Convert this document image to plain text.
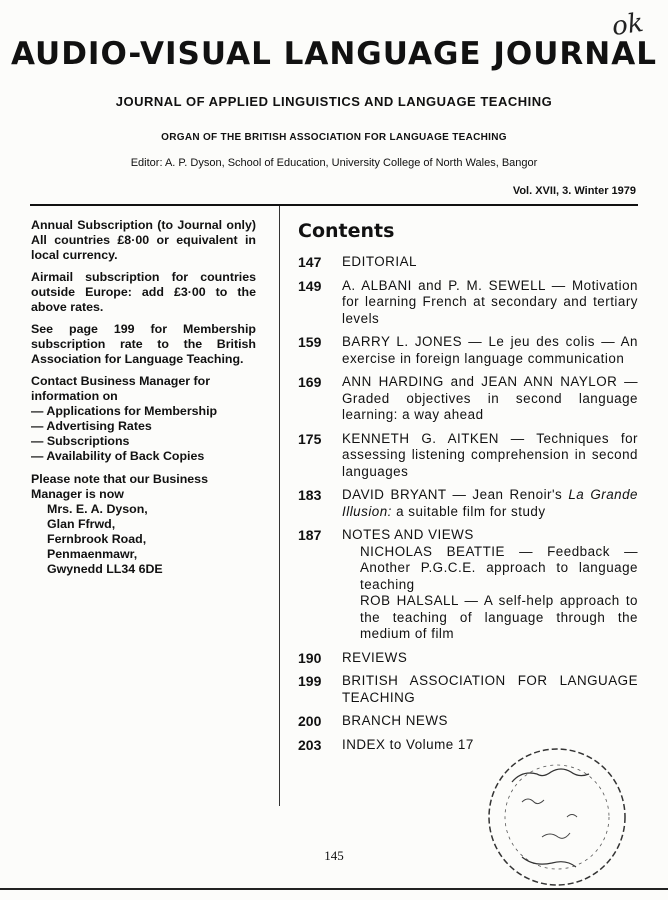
ok
AUDIO-VISUAL LANGUAGE JOURNAL
JOURNAL OF APPLIED LINGUISTICS AND LANGUAGE TEACHING
ORGAN OF THE BRITISH ASSOCIATION FOR LANGUAGE TEACHING
Editor: A. P. Dyson, School of Education, University College of North Wales, Bangor
Vol. XVII, 3. Winter 1979

Annual Subscription (to Journal only) All countries £8·00 or equivalent in local currency.

Airmail subscription for countries outside Europe: add £3·00 to the above rates.

See page 199 for Membership subscription rate to the British Association for Language Teaching.

Contact Business Manager for information on
— Applications for Membership
— Advertising Rates
— Subscriptions
— Availability of Back Copies
Please note that our Business Manager is now
Mrs. E. A. Dyson,
Glan Ffrwd,
Fernbrook Road,
Penmaenmawr,
Gwynedd LL34 6DE
Contents
147	EDITORIAL
149	A. ALBANI and P. M. SEWELL — Motivation for learning French at secondary and tertiary levels
159	BARRY L. JONES — Le jeu des colis — An exercise in foreign language communication
169	ANN HARDING and JEAN ANN NAYLOR — Graded objectives in second language learning: a way ahead
175	KENNETH G. AITKEN — Techniques for assessing listening comprehension in second languages
183	DAVID BRYANT — Jean Renoir's La Grande Illusion: a suitable film for study
187	NOTES AND VIEWS
NICHOLAS BEATTIE — Feedback — Another P.G.C.E. approach to language teaching
ROB HALSALL — A self-help approach to the teaching of language through the medium of film
190	REVIEWS
199	BRITISH ASSOCIATION FOR LANGUAGE TEACHING
200	BRANCH NEWS
203	INDEX to Volume 17
145
